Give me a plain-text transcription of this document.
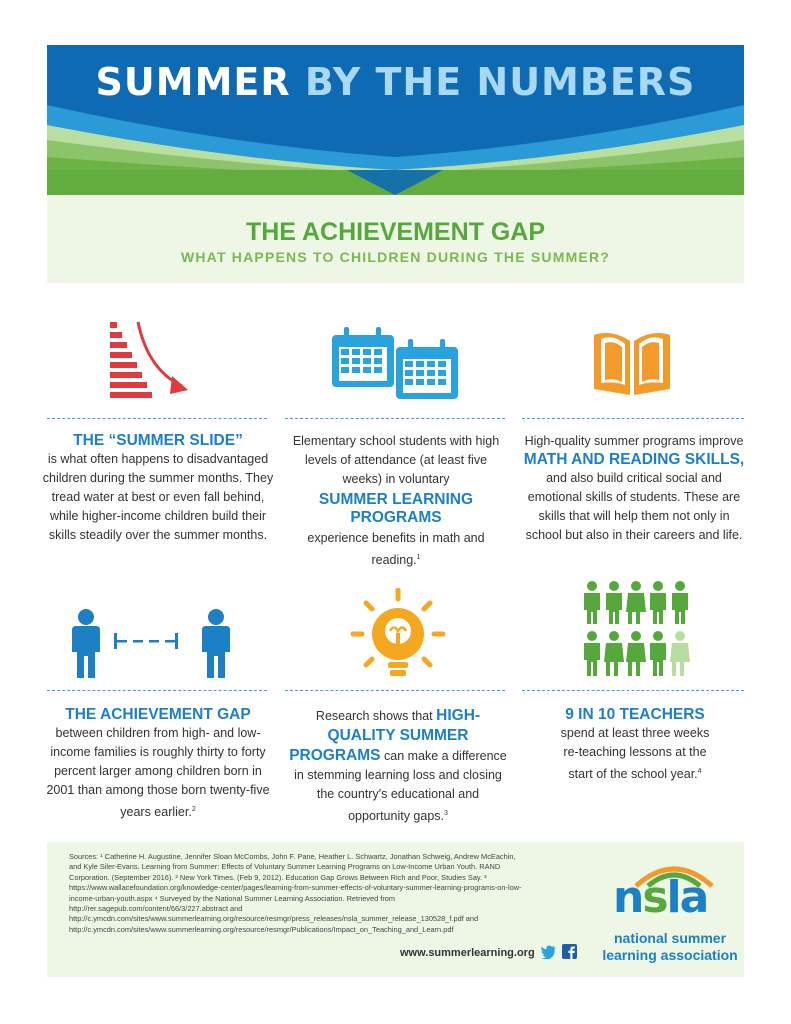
SUMMER BY THE NUMBERS
THE ACHIEVEMENT GAP
WHAT HAPPENS TO CHILDREN DURING THE SUMMER?
THE “SUMMER SLIDE”
is what often happens to disadvantaged children during the summer months. They tread water at best or even fall behind, while higher-income children build their skills steadily over the summer months.
Elementary school students with high levels of attendance (at least five weeks) in voluntary
SUMMER LEARNING PROGRAMS
experience benefits in math and reading.$^1$
High-quality summer programs improve
MATH AND READING SKILLS,
and also build critical social and emotional skills of students. These are skills that will help them not only in school but also in their careers and life.
THE ACHIEVEMENT GAP
between children from high- and low-income families is roughly thirty to forty percent larger among children born in 2001 than among those born twenty-five years earlier.$^2$
Research shows that HIGH-QUALITY SUMMER PROGRAMS can make a difference in stemming learning loss and closing the country's educational and opportunity gaps.$^3$
9 IN 10 TEACHERS
spend at least three weeks re-teaching lessons at the start of the school year.$^4$
Sources: ¹ Catherine H. Augustine, Jennifer Sloan McCombs, John F. Pane, Heather L. Schwartz, Jonathan Schweig, Andrew McEachin, and Kyle Siler-Evans. Learning from Summer: Effects of Voluntary Summer Learning Programs on Low-Income Urban Youth. RAND Corporation. (September 2016). ² New York Times. (Feb 9, 2012). Education Gap Grows Between Rich and Poor, Studies Say. ³ https://www.wallacefoundation.org/knowledge-center/pages/learning-from-summer-effects-of-voluntary-summer-learning-programs-on-low-income-urban-youth.aspx ⁴ Surveyed by the National Summer Learning Association. Retrieved from http://rer.sagepub.com/content/66/3/227.abstract and http://c.ymcdn.com/sites/www.summerlearning.org/resource/resmgr/press_releases/nsla_summer_release_130528_f.pdf and http://c.ymcdn.com/sites/www.summerlearning.org/resource/resmgr/Publications/Impact_on_Teaching_and_Learn.pdf
www.summerlearning.org
nsla
national summer
learning association
